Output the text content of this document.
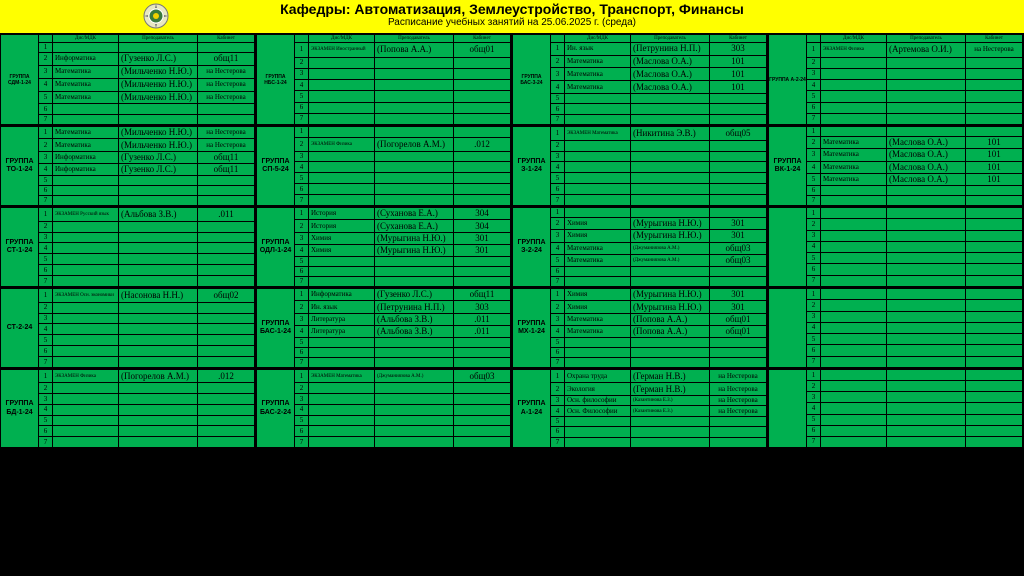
Кафедры: Автоматизация, Землеустройство, Транспорт, Финансы
Расписание учебных занятий на 25.06.2025 г. (среда)
ГРУППА СДМ-1-24		Дис/МДК	Преподаватель	Кабинет
	1			
	2	Информатика	(Гузенко Л.С.)	общ11
	3	Математика	(Мильченко Н.Ю.)	на Нестерова
	4	Математика	(Мильченко Н.Ю.)	на Нестерова
	5	Математика	(Мильченко Н.Ю.)	на Нестерова
	6			
	7			
ГРУППА ТО-1-24	1	Математика	(Мильченко Н.Ю.)	на Нестерова
	2	Математика	(Мильченко Н.Ю.)	на Нестерова
	3	Информатика	(Гузенко Л.С.)	общ11
	4	Информатика	(Гузенко Л.С.)	общ11
	5			
	6			
	7			
ГРУППА СТ-1-24	1	ЭКЗАМЕН Русский язык	(Альбова З.В.)	.011
	2			
	3			
	4			
	5			
	6			
	7			
СТ-2-24	1	ЭКЗАМЕН Осн. экономики	(Насонова Н.Н.)	общ02
	2			
	3			
	4			
	5			
	6			
	7			
ГРУППА БД-1-24	1	ЭКЗАМЕН Физика	(Погорелов А.М.)	.012
	2			
	3			
	4			
	5			
	6			
	7			
ГРУППА НБС-1-24		Дис/МДК	Преподаватель	Кабинет
	1	ЭКЗАМЕН Иностранный	(Попова А.А.)	общ01
	2			
	3			
	4			
	5			
	6			
	7			
ГРУППА СП-5-24	1			
	2	ЭКЗАМЕН Физика	(Погорелов А.М.)	.012
	3			
	4			
	5			
	6			
	7			
ГРУППА ОДЛ-1-24	1	История	(Суханова Е.А.)	304
	2	История	(Суханова Е.А.)	304
	3	Химия	(Мурыгина Н.Ю.)	301
	4	Химия	(Мурыгина Н.Ю.)	301
	5			
	6			
	7			
ГРУППА БАС-1-24	1	Информатика	(Гузенко Л.С.)	общ11
	2	Ин. язык	(Петрунина Н.П.)	303
	3	Литература	(Альбова З.В.)	.011
	4	Литература	(Альбова З.В.)	.011
	5			
	6			
	7			
ГРУППА БАС-2-24	1	ЭКЗАМЕН Математика	(Джуманиязова А.М.)	общ03
	2			
	3			
	4			
	5			
	6			
	7			
ГРУППА БАС-3-24		Дис/МДК	Преподаватель	Кабинет
	1	Ин. язык	(Петрунина Н.П.)	303
	2	Математика	(Маслова О.А.)	101
	3	Математика	(Маслова О.А.)	101
	4	Математика	(Маслова О.А.)	101
	5			
	6			
	7			
ГРУППА З-1-24	1	ЭКЗАМЕН Математика	(Никитина Э.В.)	общ05
	2			
	3			
	4			
	5			
	6			
	7			
ГРУППА З-2-24	1			
	2	Химия	(Мурыгина Н.Ю.)	301
	3	Химия	(Мурыгина Н.Ю.)	301
	4	Математика	(Джуманиязова А.М.)	общ03
	5	Математика	(Джуманиязова А.М.)	общ03
	6			
	7			
ГРУППА МХ-1-24	1	Химия	(Мурыгина Н.Ю.)	301
	2	Химия	(Мурыгина Н.Ю.)	301
	3	Математика	(Попова А.А.)	общ01
	4	Математика	(Попова А.А.)	общ01
	5			
	6			
	7			
ГРУППА А-1-24	1	Охрана труда	(Герман Н.В.)	на Нестерова
	2	Экология	(Герман Н.В.)	на Нестерова
	3	Осн. философии	(Казантинова Е.З.)	на Нестерова
	4	Осн. Философии	(Казантинова Е.З.)	на Нестерова
	5			
	6			
	7			
ГРУППА А-2-24		Дис/МДК	Преподаватель	Кабинет
	1	ЭКЗАМЕН Физика	(Артемова О.И.)	на Нестерова
	2			
	3			
	4			
	5			
	6			
	7			
ГРУППА ВК-1-24	1			
	2	Математика	(Маслова О.А.)	101
	3	Математика	(Маслова О.А.)	101
	4	Математика	(Маслова О.А.)	101
	5	Математика	(Маслова О.А.)	101
	6			
	7			
	1			
	2			
	3			
	4			
	5			
	6			
	7			
	1			
	2			
	3			
	4			
	5			
	6			
	7			
	1			
	2			
	3			
	4			
	5			
	6			
	7			
